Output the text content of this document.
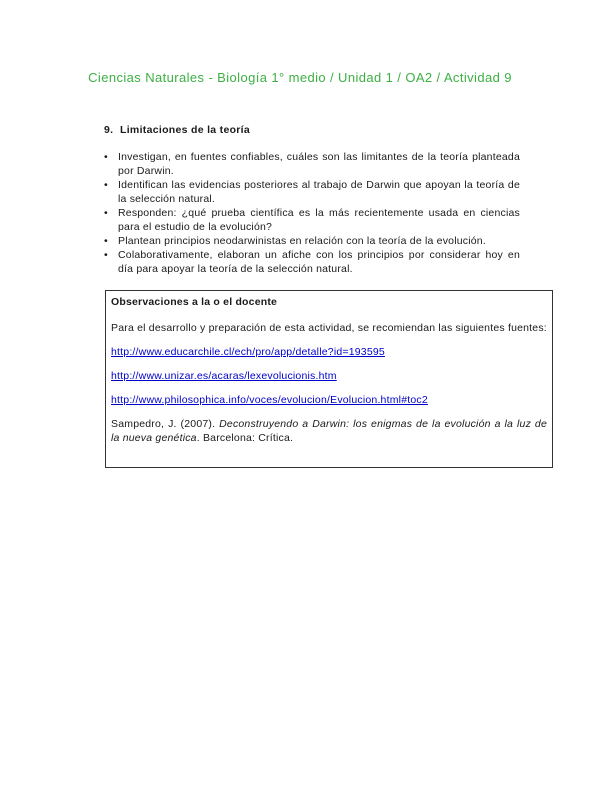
Ciencias Naturales - Biología 1° medio / Unidad 1 / OA2 / Actividad 9
9. Limitaciones de la teoría
• Investigan, en fuentes confiables, cuáles son las limitantes de la teoría planteada por Darwin.
• Identifican las evidencias posteriores al trabajo de Darwin que apoyan la teoría de la selección natural.
• Responden: ¿qué prueba científica es la más recientemente usada en ciencias para el estudio de la evolución?
• Plantean principios neodarwinistas en relación con la teoría de la evolución.
• Colaborativamente, elaboran un afiche con los principios por considerar hoy en día para apoyar la teoría de la selección natural.
Observaciones a la o el docente
Para el desarrollo y preparación de esta actividad, se recomiendan las siguientes fuentes:
http://www.educarchile.cl/ech/pro/app/detalle?id=193595
http://www.unizar.es/acaras/lexevolucionis.htm
http://www.philosophica.info/voces/evolucion/Evolucion.html#toc2
Sampedro, J. (2007). Deconstruyendo a Darwin: los enigmas de la evolución a la luz de la nueva genética. Barcelona: Crítica.
